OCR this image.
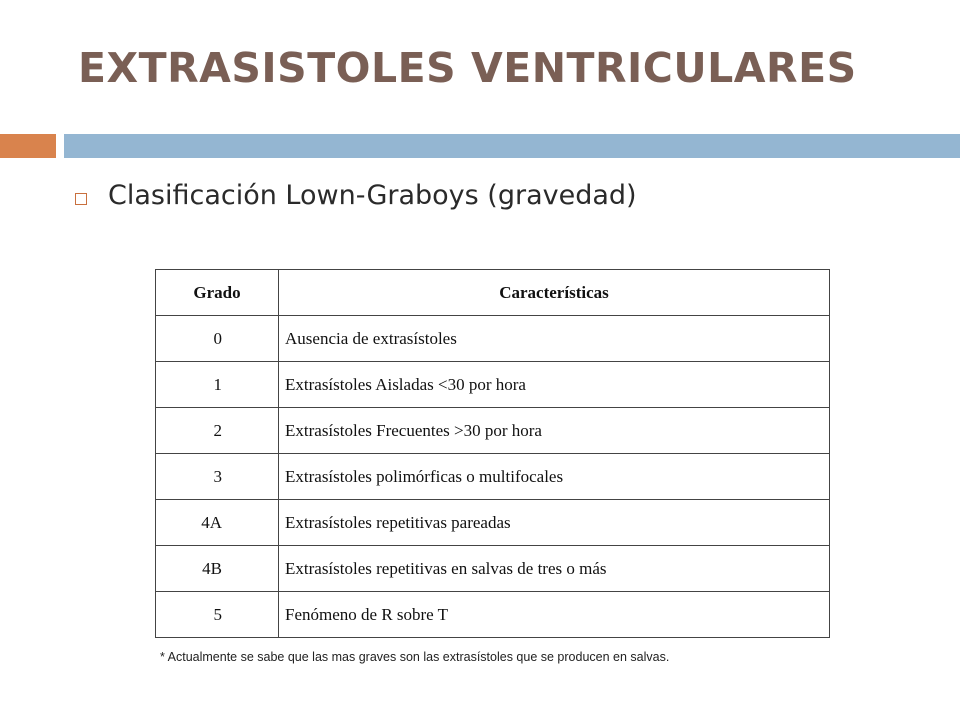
EXTRASISTOLES VENTRICULARES
Clasificación Lown-Graboys (gravedad)
Grado	Características
0	Ausencia de extrasístoles
1	Extrasístoles Aisladas <30 por hora
2	Extrasístoles Frecuentes >30 por hora
3	Extrasístoles polimórficas o multifocales
4A	Extrasístoles repetitivas pareadas
4B	Extrasístoles repetitivas en salvas de tres o más
5	Fenómeno de R sobre T
* Actualmente se sabe que las mas graves son las extrasístoles que se producen en salvas.
